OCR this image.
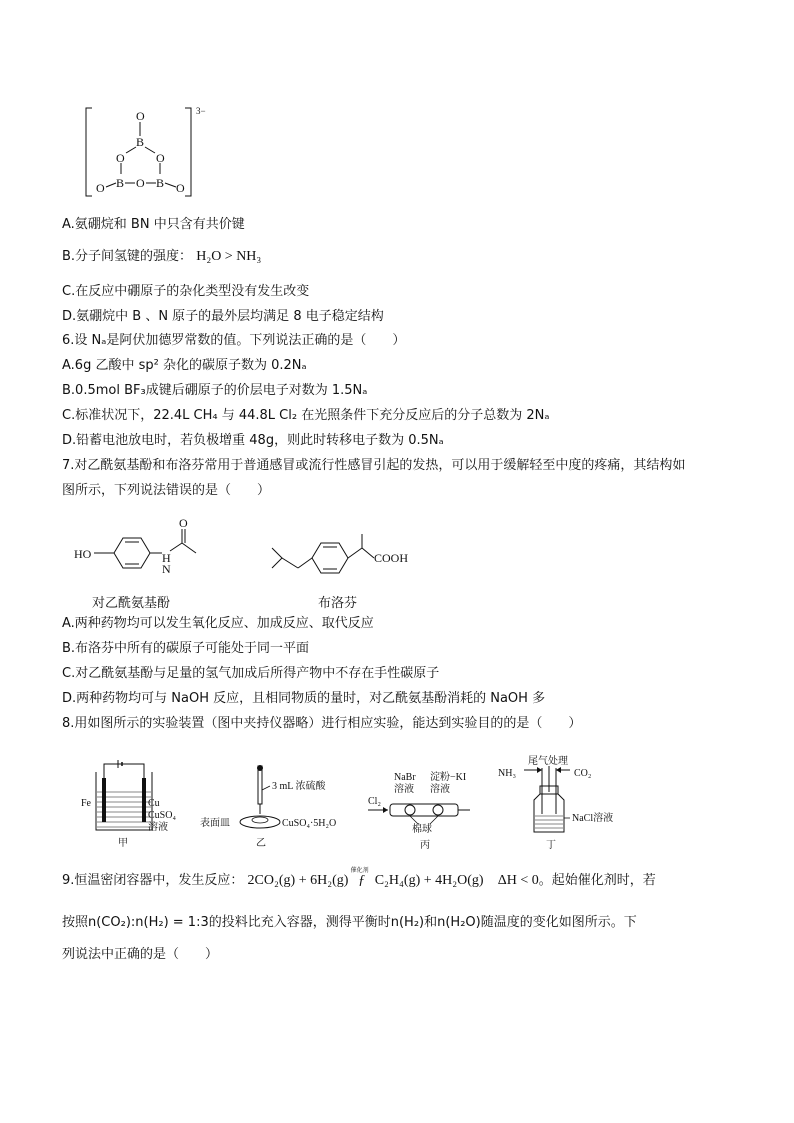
3−
O
B
O	O
B O B
O	O
A.氨硼烷和 BN 中只含有共价键
B.分子间氢键的强度： H₂O > NH₃
C.在反应中硼原子的杂化类型没有发生改变
D.氨硼烷中 B 、N 原子的最外层均满足 8 电子稳定结构
6.设 Nₐ是阿伏加德罗常数的值。下列说法正确的是（　　）
A.6g 乙酸中 sp² 杂化的碳原子数为 0.2Nₐ
B.0.5mol BF₃成键后硼原子的价层电子对数为 1.5Nₐ
C.标准状况下，22.4L CH₄ 与 44.8L Cl₂ 在光照条件下充分反应后的分子总数为 2Nₐ
D.铅蓄电池放电时，若负极增重 48g，则此时转移电子数为 0.5Nₐ
7.对乙酰氨基酚和布洛芬常用于普通感冒或流行性感冒引起的发热，可以用于缓解轻至中度的疼痛，其结构如
图所示，下列说法错误的是（　　）
HO
N
H
O
COOH
对乙酰氨基酚	布洛芬
A.两种药物均可以发生氧化反应、加成反应、取代反应
B.布洛芬中所有的碳原子可能处于同一平面
C.对乙酰氨基酚与足量的氢气加成后所得产物中不存在手性碳原子
D.两种药物均可与 NaOH 反应，且相同物质的量时，对乙酰氨基酚消耗的 NaOH 多
8.用如图所示的实验装置（图中夹持仪器略）进行相应实验，能达到实验目的的是（　　）
Fe	Cu
CuSO₄
溶液
甲
3 mL 浓硫酸
表面皿	CuSO₄·5H₂O
乙
NaBr
溶液
淀粉−KI
溶液
Cl₂
棉球
丙
尾气处理
NH₃	CO₂
NaCl溶液
丁
9.恒温密闭容器中，发生反应： 2CO₂(g) + 6H₂(g)
催化剂
ƒ C₂H₄(g) + 4H₂O(g) ΔH < 0。起始催化剂时，若
按照n(CO₂):n(H₂) = 1:3的投料比充入容器，测得平衡时n(H₂)和n(H₂O)随温度的变化如图所示。下
列说法中正确的是（　　）
